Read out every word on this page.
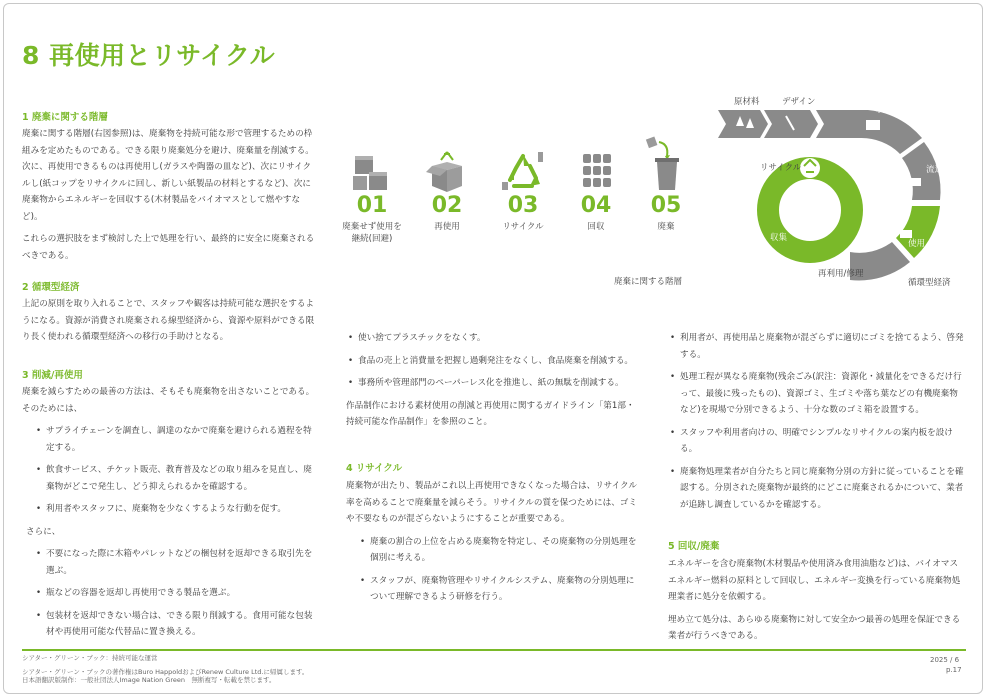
8 再使用とリサイクル
1 廃棄に関する階層

廃棄に関する階層(右図参照)は、廃棄物を持続可能な形で管理するための枠組みを定めたものである。できる限り廃棄処分を避け、廃棄量を削減する。次に、再使用できるものは再使用し(ガラスや陶器の皿など)、次にリサイクルし(紙コップをリサイクルに回し、新しい紙製品の材料とするなど)、次に廃棄物からエネルギーを回収する(木材製品をバイオマスとして燃やすなど)。

これらの選択肢をまず検討した上で処理を行い、最終的に安全に廃棄されるべきである。

2 循環型経済

上記の原則を取り入れることで、スタッフや観客は持続可能な選択をするようになる。資源が消費され廃棄される線型経済から、資源や原料ができる限り長く使われる循環型経済への移行の手助けとなる。

3 削減/再使用

廃棄を減らすための最善の方法は、そもそも廃棄物を出さないことである。そのためには、

• サプライチェーンを調査し、調達のなかで廃棄を避けられる過程を特定する。
• 飲食サービス、チケット販売、教育普及などの取り組みを見直し、廃棄物がどこで発生し、どう抑えられるかを確認する。
• 利用者やスタッフに、廃棄物を少なくするような行動を促す。

さらに、

• 不要になった際に木箱やパレットなどの梱包材を返却できる取引先を選ぶ。
• 瓶などの容器を返却し再使用できる製品を選ぶ。
• 包装材を返却できない場合は、できる限り削減する。食用可能な包装材や再使用可能な代替品に置き換える。
01
廃棄せず使用を継続(回避)
02
再使用
03
リサイクル
04
回収
05
廃棄
廃棄に関する階層
原材料	デザイン
製造
流通
使用
再利用/修理
収集
リサイクル
循環型経済
• 使い捨てプラスチックをなくす。
• 食品の売上と消費量を把握し過剰発注をなくし、食品廃棄を削減する。
• 事務所や管理部門のペーパーレス化を推進し、紙の無駄を削減する。

作品制作における素材使用の削減と再使用に関するガイドライン「第1部・持続可能な作品制作」を参照のこと。

4 リサイクル

廃棄物が出たり、製品がこれ以上再使用できなくなった場合は、リサイクル率を高めることで廃棄量を減らそう。リサイクルの質を保つためには、ゴミや不要なものが混ざらないようにすることが重要である。

• 廃棄の割合の上位を占める廃棄物を特定し、その廃棄物の分別処理を個別に考える。
• スタッフが、廃棄物管理やリサイクルシステム、廃棄物の分別処理について理解できるよう研修を行う。
• 利用者が、再使用品と廃棄物が混ざらずに適切にゴミを捨てるよう、啓発する。
• 処理工程が異なる廃棄物(残余ごみ(訳注：資源化・減量化をできるだけ行って、最後に残ったもの)、資源ゴミ、生ゴミや落ち葉などの有機廃棄物など)を現場で分別できるよう、十分な数のゴミ箱を設置する。
• スタッフや利用者向けの、明確でシンプルなリサイクルの案内板を設ける。
• 廃棄物処理業者が自分たちと同じ廃棄物分別の方針に従っていることを確認する。分別された廃棄物が最終的にどこに廃棄されるかについて、業者が追跡し調査しているかを確認する。
5 回収/廃棄

エネルギーを含む廃棄物(木材製品や使用済み食用油脂など)は、バイオマスエネルギー燃料の原料として回収し、エネルギー変換を行っている廃棄物処理業者に処分を依頼する。

埋め立て処分は、あらゆる廃棄物に対して安全かつ最善の処理を保証できる業者が行うべきである。

シアター・グリーン・ブック：持続可能な運営
シアター・グリーン・ブックの著作権はBuro HappoldおよびRenew Culture Ltd.に帰属します。
日本語翻訳版制作：一般社団法人Image Nation Green　無断複写・転載を禁じます。
2025 / 6
p.17
